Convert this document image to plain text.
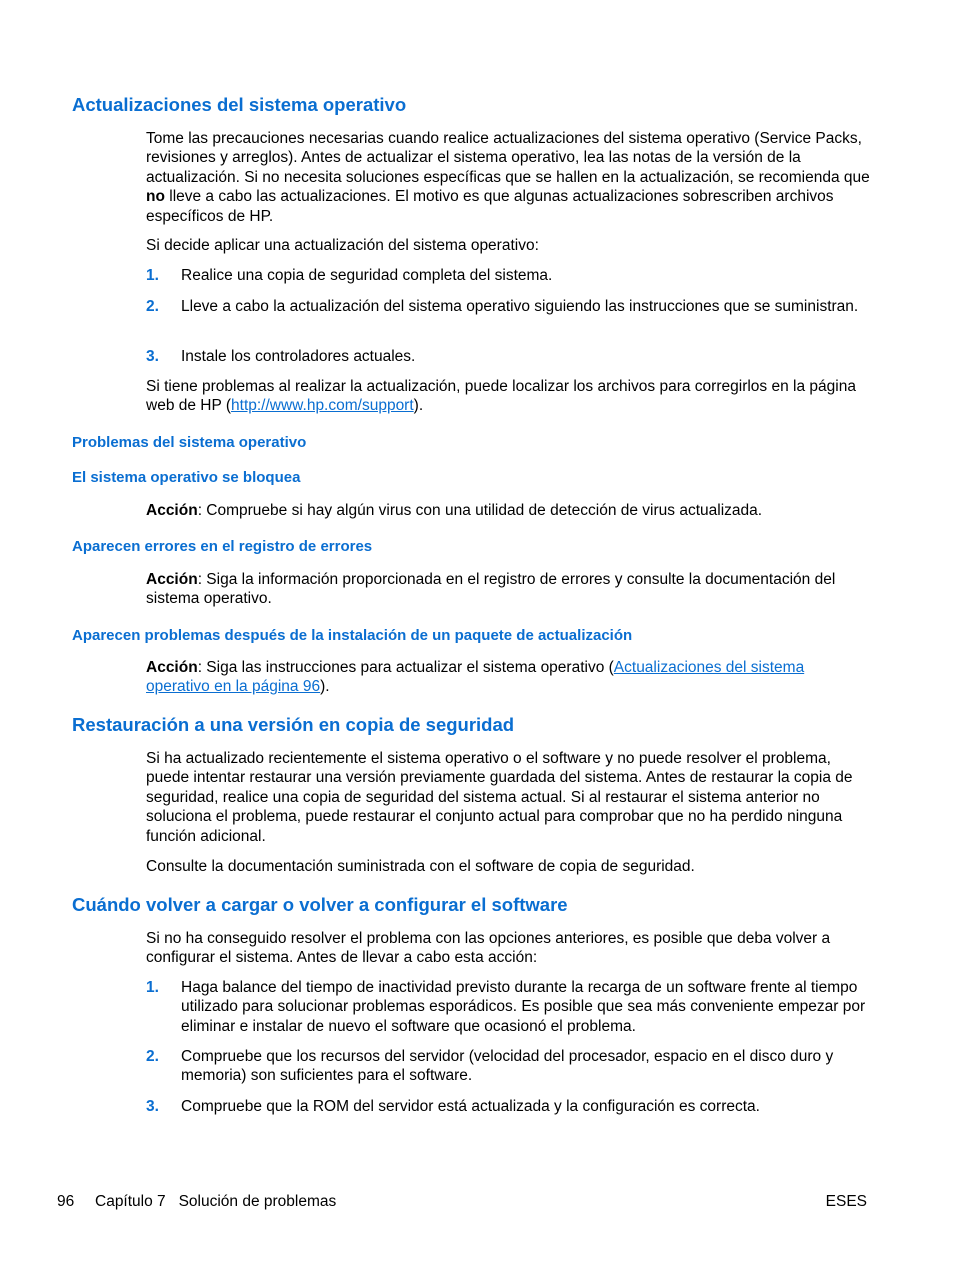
Actualizaciones del sistema operativo

Tome las precauciones necesarias cuando realice actualizaciones del sistema operativo (Service Packs, revisiones y arreglos). Antes de actualizar el sistema operativo, lea las notas de la versión de la actualización. Si no necesita soluciones específicas que se hallen en la actualización, se recomienda que no lleve a cabo las actualizaciones. El motivo es que algunas actualizaciones sobrescriben archivos específicos de HP.

Si decide aplicar una actualización del sistema operativo:

1. Realice una copia de seguridad completa del sistema.
2. Lleve a cabo la actualización del sistema operativo siguiendo las instrucciones que se suministran.
3. Instale los controladores actuales.

Si tiene problemas al realizar la actualización, puede localizar los archivos para corregirlos en la página web de HP (http://www.hp.com/support).

Problemas del sistema operativo
El sistema operativo se bloquea

Acción: Compruebe si hay algún virus con una utilidad de detección de virus actualizada.

Aparecen errores en el registro de errores

Acción: Siga la información proporcionada en el registro de errores y consulte la documentación del sistema operativo.

Aparecen problemas después de la instalación de un paquete de actualización

Acción: Siga las instrucciones para actualizar el sistema operativo (Actualizaciones del sistema operativo en la página 96).

Restauración a una versión en copia de seguridad

Si ha actualizado recientemente el sistema operativo o el software y no puede resolver el problema, puede intentar restaurar una versión previamente guardada del sistema. Antes de restaurar la copia de seguridad, realice una copia de seguridad del sistema actual. Si al restaurar el sistema anterior no soluciona el problema, puede restaurar el conjunto actual para comprobar que no ha perdido ninguna función adicional.

Consulte la documentación suministrada con el software de copia de seguridad.

Cuándo volver a cargar o volver a configurar el software

Si no ha conseguido resolver el problema con las opciones anteriores, es posible que deba volver a configurar el sistema. Antes de llevar a cabo esta acción:

1. Haga balance del tiempo de inactividad previsto durante la recarga de un software frente al tiempo utilizado para solucionar problemas esporádicos. Es posible que sea más conveniente empezar por eliminar e instalar de nuevo el software que ocasionó el problema.
2. Compruebe que los recursos del servidor (velocidad del procesador, espacio en el disco duro y memoria) son suficientes para el software.
3. Compruebe que la ROM del servidor está actualizada y la configuración es correcta.
96 Capítulo 7   Solución de problemas	ESES
